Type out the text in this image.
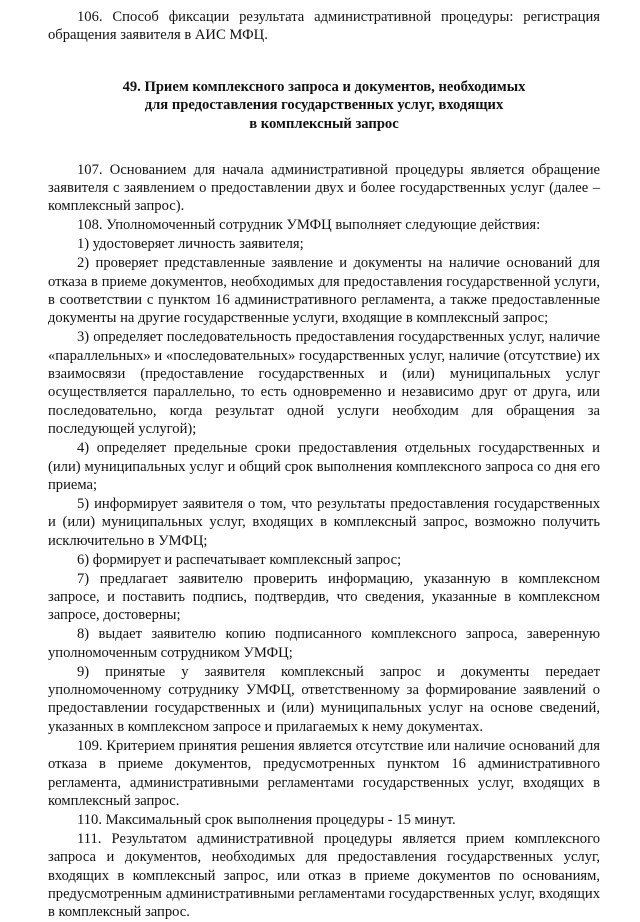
106. Способ фиксации результата административной процедуры: регистрация обращения заявителя в АИС МФЦ.

49. Прием комплексного запроса и документов, необходимых
для предоставления государственных услуг, входящих
в комплексный запрос

107. Основанием для начала административной процедуры является обращение заявителя с заявлением о предоставлении двух и более государственных услуг (далее – комплексный запрос).

108. Уполномоченный сотрудник УМФЦ выполняет следующие действия:

1) удостоверяет личность заявителя;

2) проверяет представленные заявление и документы на наличие оснований для отказа в приеме документов, необходимых для предоставления государственной услуги, в соответствии с пунктом 16 административного регламента, а также предоставленные документы на другие государственные услуги, входящие в комплексный запрос;

3) определяет последовательность предоставления государственных услуг, наличие «параллельных» и «последовательных» государственных услуг, наличие (отсутствие) их взаимосвязи (предоставление государственных и (или) муниципальных услуг осуществляется параллельно, то есть одновременно и независимо друг от друга, или последовательно, когда результат одной услуги необходим для обращения за последующей услугой);

4) определяет предельные сроки предоставления отдельных государственных и (или) муниципальных услуг и общий срок выполнения комплексного запроса со дня его приема;

5) информирует заявителя о том, что результаты предоставления государственных и (или) муниципальных услуг, входящих в комплексный запрос, возможно получить исключительно в УМФЦ;

6) формирует и распечатывает комплексный запрос;

7) предлагает заявителю проверить информацию, указанную в комплексном запросе, и поставить подпись, подтвердив, что сведения, указанные в комплексном запросе, достоверны;

8) выдает заявителю копию подписанного комплексного запроса, заверенную уполномоченным сотрудником УМФЦ;

9) принятые у заявителя комплексный запрос и документы передает уполномоченному сотруднику УМФЦ, ответственному за формирование заявлений о предоставлении государственных и (или) муниципальных услуг на основе сведений, указанных в комплексном запросе и прилагаемых к нему документах.

109. Критерием принятия решения является отсутствие или наличие оснований для отказа в приеме документов, предусмотренных пунктом 16 административного регламента, административными регламентами государственных услуг, входящих в комплексный запрос.

110. Максимальный срок выполнения процедуры - 15 минут.

111. Результатом административной процедуры является прием комплексного запроса и документов, необходимых для предоставления государственных услуг, входящих в комплексный запрос, или отказ в приеме документов по основаниям, предусмотренным административными регламентами государственных услуг, входящих в комплексный запрос.
